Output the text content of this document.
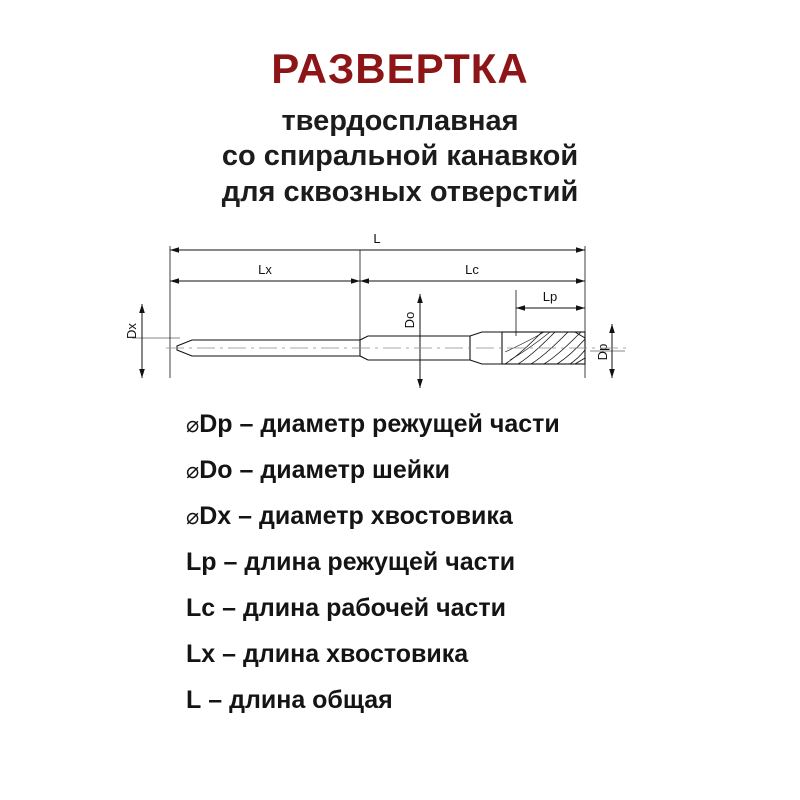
РАЗВЕРТКА
твердосплавная
со спиральной канавкой
для сквозных отверстий
L
Lx	Lc
Lp
Dx
Do
Dp
⌀ Dp – диаметр режущей части
⌀ Do – диаметр шейки
⌀ Dx – диаметр хвостовика
Lp – длина режущей части
Lc – длина рабочей части
Lx – длина хвостовика
L – длина общая
